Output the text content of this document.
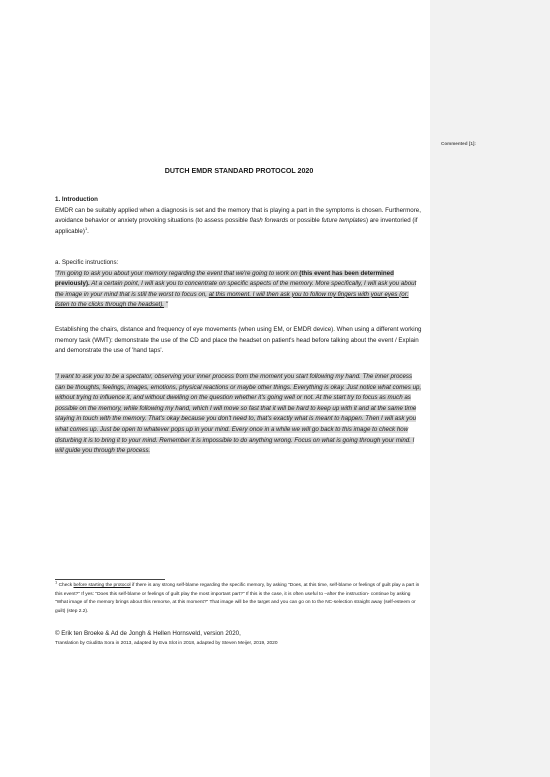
Commented [1]:
DUTCH EMDR STANDARD PROTOCOL 2020

1. Introduction
EMDR can be suitably applied when a diagnosis is set and the memory that is playing a part in the symptoms is chosen. Furthermore, avoidance behavior or anxiety provoking situations (to assess possible flash forwards or possible future templates) are inventoried (if applicable)$^1$.

a. Specific instructions:
"I'm going to ask you about your memory regarding the event that we're going to work on (this event has been determined previously). At a certain point, I will ask you to concentrate on specific aspects of the memory. More specifically, I will ask you about the image in your mind that is still the worst to focus on, at this moment. I will then ask you to follow my fingers with your eyes (or: listen to the clicks through the headset). "

Establishing the chairs, distance and frequency of eye movements (when using EM, or EMDR device). When using a different working memory task (WMT): demonstrate the use of the CD and place the headset on patient's head before talking about the event / Explain and demonstrate the use of 'hand taps'.

"I want to ask you to be a spectator, observing your inner process from the moment you start following my hand. The inner process can be thoughts, feelings, images, emotions, physical reactions or maybe other things. Everything is okay. Just notice what comes up, without trying to influence it, and without dwelling on the question whether it's going well or not. At the start try to focus as much as possible on the memory, while following my hand, which I will move so fast that it will be hard to keep up with it and at the same time staying in touch with the memory. That's okay because you don't need to, that's exactly what is meant to happen. Then I will ask you what comes up. Just be open to whatever pops up in your mind. Every once in a while we will go back to this image to check how disturbing it is to bring it to your mind. Remember it is impossible to do anything wrong. Focus on what is going through your mind. I will guide you through the process.

$^1$ Check before starting the protocol if there is any strong self-blame regarding the specific memory, by asking "Does, at this time, self-blame or feelings of guilt play a part in this event?" If yes: "Does this self-blame or feelings of guilt play the most important part?" If this is the case, it is often useful to –after the instruction- continue by asking "What image of the memory brings about this remorse, at this moment?" That image will be the target and you can go on to the NC-selection straight away (self-esteem or guilt) (step 2.2).
© Erik ten Broeke & Ad de Jongh & Hellen Hornsveld, version 2020,
Translation by Giuditta Sora in 2013, adapted by Eva Slot in 2018, adapted by Steven Meijer, 2019, 2020
